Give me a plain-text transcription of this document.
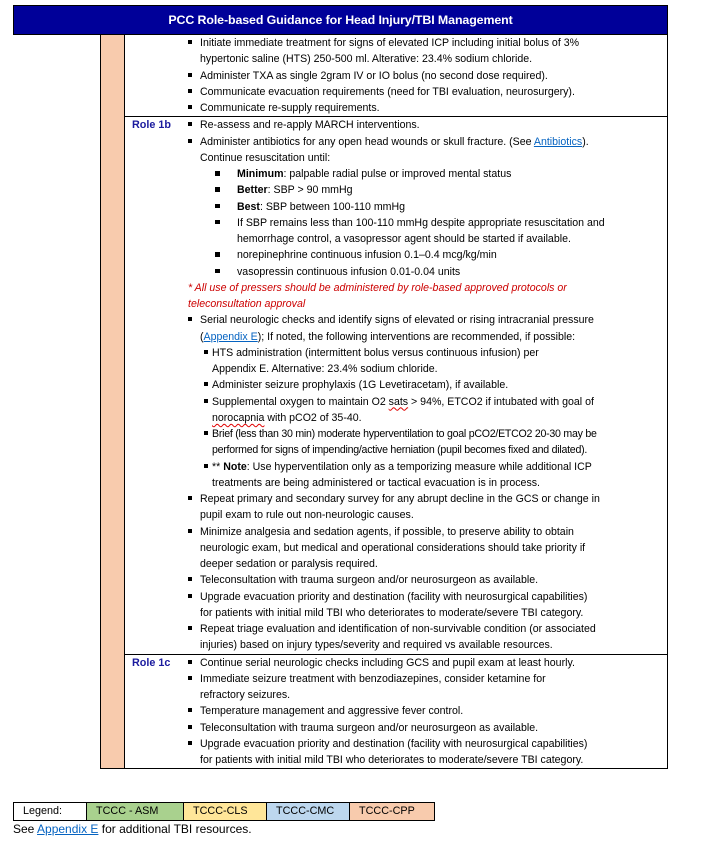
PCC Role-based Guidance for Head Injury/TBI Management
Initiate immediate treatment for signs of elevated ICP including initial bolus of 3%
hypertonic saline (HTS) 250-500 ml. Alterative: 23.4% sodium chloride.
Administer TXA as single 2gram IV or IO bolus (no second dose required).
Communicate evacuation requirements (need for TBI evaluation, neurosurgery).
Communicate re-supply requirements.
Role 1b	Re-assess and re-apply MARCH interventions.
Administer antibiotics for any open head wounds or skull fracture. (See Antibiotics).
Continue resuscitation until:
Minimum: palpable radial pulse or improved mental status
Better: SBP > 90 mmHg
Best: SBP between 100-110 mmHg
If SBP remains less than 100-110 mmHg despite appropriate resuscitation and
hemorrhage control, a vasopressor agent should be started if available.
norepinephrine continuous infusion 0.1–0.4 mcg/kg/min
vasopressin continuous infusion 0.01-0.04 units
* All use of pressers should be administered by role-based approved protocols or
teleconsultation approval
Serial neurologic checks and identify signs of elevated or rising intracranial pressure
(Appendix E); If noted, the following interventions are recommended, if possible:
HTS administration (intermittent bolus versus continuous infusion) per
Appendix E. Alternative: 23.4% sodium chloride.
Administer seizure prophylaxis (1G Levetiracetam), if available.
Supplemental oxygen to maintain O2 sats > 94%, ETCO2 if intubated with goal of
norocapnia with pCO2 of 35-40.
Brief (less than 30 min) moderate hyperventilation to goal pCO2/ETCO2 20-30 may be
performed for signs of impending/active herniation (pupil becomes fixed and dilated).
** Note: Use hyperventilation only as a temporizing measure while additional ICP
treatments are being administered or tactical evacuation is in process.
Repeat primary and secondary survey for any abrupt decline in the GCS or change in
pupil exam to rule out non-neurologic causes.
Minimize analgesia and sedation agents, if possible, to preserve ability to obtain
neurologic exam, but medical and operational considerations should take priority if
deeper sedation or paralysis required.
Teleconsultation with trauma surgeon and/or neurosurgeon as available.
Upgrade evacuation priority and destination (facility with neurosurgical capabilities)
for patients with initial mild TBI who deteriorates to moderate/severe TBI category.
Repeat triage evaluation and identification of non-survivable condition (or associated
injuries) based on injury types/severity and required vs available resources.
Role 1c	Continue serial neurologic checks including GCS and pupil exam at least hourly.
Immediate seizure treatment with benzodiazepines, consider ketamine for
refractory seizures.
Temperature management and aggressive fever control.
Teleconsultation with trauma surgeon and/or neurosurgeon as available.
Upgrade evacuation priority and destination (facility with neurosurgical capabilities)
for patients with initial mild TBI who deteriorates to moderate/severe TBI category.
Legend:	TCCC - ASM	TCCC-CLS	TCCC-CMC	TCCC-CPP
See Appendix E for additional TBI resources.
